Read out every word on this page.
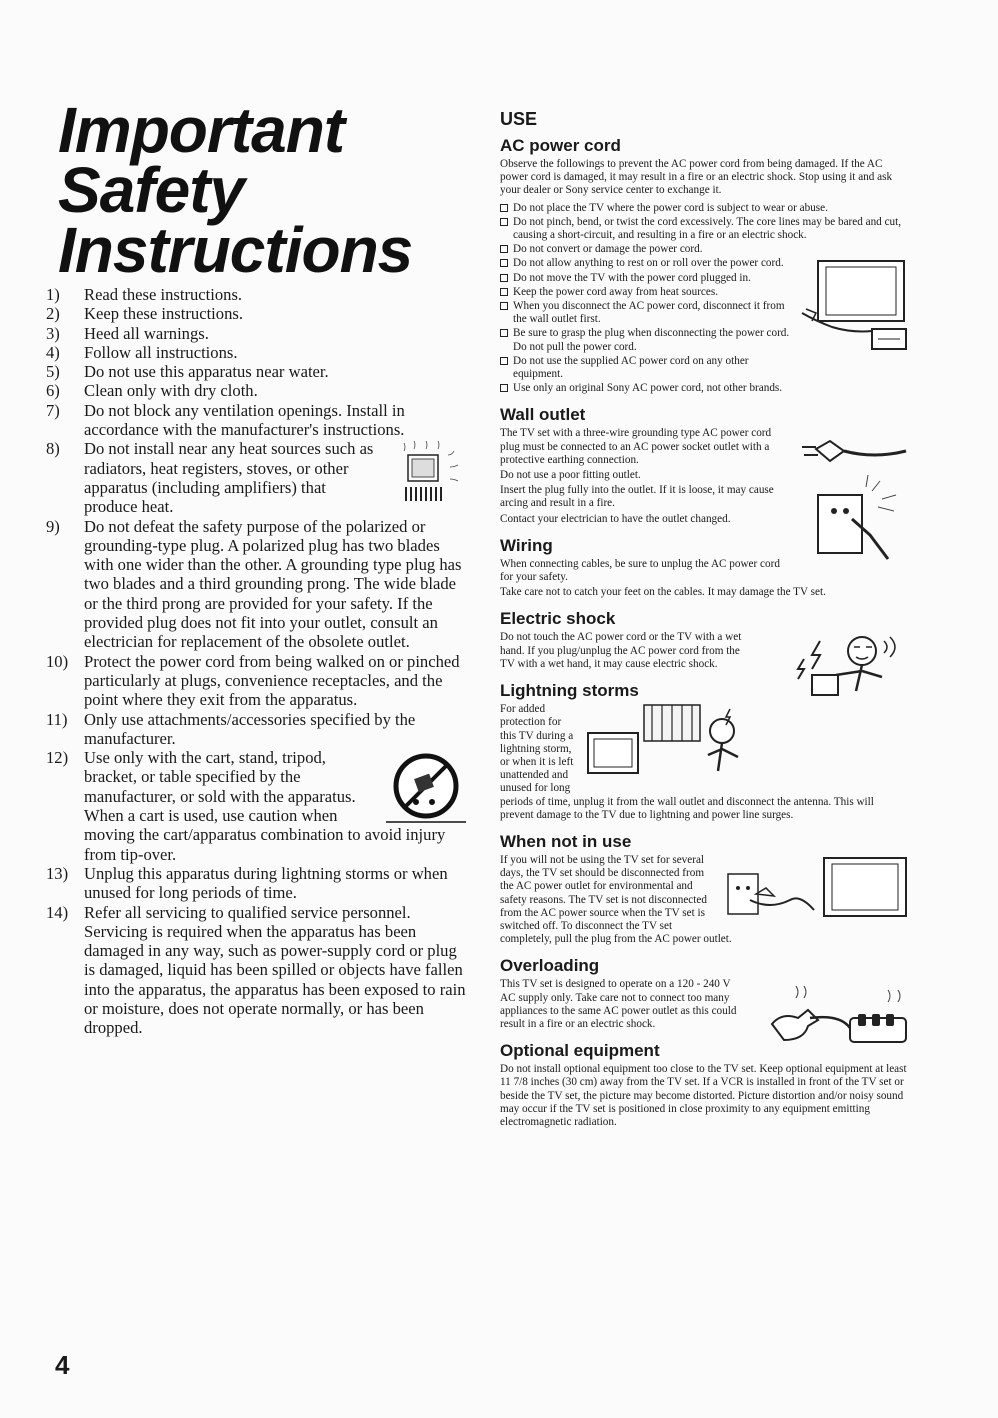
Important
Safety
Instructions
1)	Read these instructions.
2)	Keep these instructions.
3)	Heed all warnings.
4)	Follow all instructions.
5)	Do not use this apparatus near water.
6)	Clean only with dry cloth.
7)	Do not block any ventilation openings. Install in accordance with the manufacturer's instructions.
8)	Do not install near any heat sources such as radiators, heat registers, stoves, or other apparatus (including amplifiers) that produce heat.
9)	Do not defeat the safety purpose of the polarized or grounding-type plug. A polarized plug has two blades with one wider than the other. A grounding type plug has two blades and a third grounding prong. The wide blade or the third prong are provided for your safety. If the provided plug does not fit into your outlet, consult an electrician for replacement of the obsolete outlet.
10) Protect the power cord from being walked on or pinched particularly at plugs, convenience receptacles, and the point where they exit from the apparatus.
11) Only use attachments/accessories specified by the manufacturer.
12) Use only with the cart, stand, tripod, bracket, or table specified by the manufacturer, or sold with the apparatus. When a cart is used, use caution when moving the cart/apparatus combination to avoid injury from tip-over.
13) Unplug this apparatus during lightning storms or when unused for long periods of time.
14) Refer all servicing to qualified service personnel. Servicing is required when the apparatus has been damaged in any way, such as power-supply cord or plug is damaged, liquid has been spilled or objects have fallen into the apparatus, the apparatus has been exposed to rain or moisture, does not operate normally, or has been dropped.
USE
AC power cord

Observe the followings to prevent the AC power cord from being damaged. If the AC power cord is damaged, it may result in a fire or an electric shock. Stop using it and ask your dealer or Sony service center to exchange it.

Do not place the TV where the power cord is subject to wear or abuse.
Do not pinch, bend, or twist the cord excessively. The core lines may be bared and cut, causing a short-circuit, and resulting in a fire or an electric shock.
Do not convert or damage the power cord.
Do not allow anything to rest on or roll over the power cord.
Do not move the TV with the power cord plugged in.
Keep the power cord away from heat sources.
When you disconnect the AC power cord, disconnect it from the wall outlet first.
Be sure to grasp the plug when disconnecting the power cord. Do not pull the power cord.
Do not use the supplied AC power cord on any other equipment.
Use only an original Sony AC power cord, not other brands.
Wall outlet

The TV set with a three-wire grounding type AC power cord plug must be connected to an AC power socket outlet with a protective earthing connection.

Do not use a poor fitting outlet.

Insert the plug fully into the outlet. If it is loose, it may cause arcing and result in a fire.

Contact your electrician to have the outlet changed.

Wiring

When connecting cables, be sure to unplug the AC power cord for your safety.

Take care not to catch your feet on the cables. It may damage the TV set.

Electric shock

Do not touch the AC power cord or the TV with a wet hand. If you plug/unplug the AC power cord from the TV with a wet hand, it may cause electric shock.

Lightning storms

For added protection for this TV during a lightning storm, or when it is left unattended and unused for long periods of time, unplug it from the wall outlet and disconnect the antenna. This will prevent damage to the TV due to lightning and power line surges.

When not in use

If you will not be using the TV set for several days, the TV set should be disconnected from the AC power outlet for environmental and safety reasons. The TV set is not disconnected from the AC power source when the TV set is switched off. To disconnect the TV set completely, pull the plug from the AC power outlet.

Overloading

This TV set is designed to operate on a 120 - 240 V AC supply only. Take care not to connect too many appliances to the same AC power outlet as this could result in a fire or an electric shock.

Optional equipment

Do not install optional equipment too close to the TV set. Keep optional equipment at least 11 7/8 inches (30 cm) away from the TV set. If a VCR is installed in front of the TV set or beside the TV set, the picture may become distorted. Picture distortion and/or noisy sound may occur if the TV set is positioned in close proximity to any equipment emitting electromagnetic radiation.

4
